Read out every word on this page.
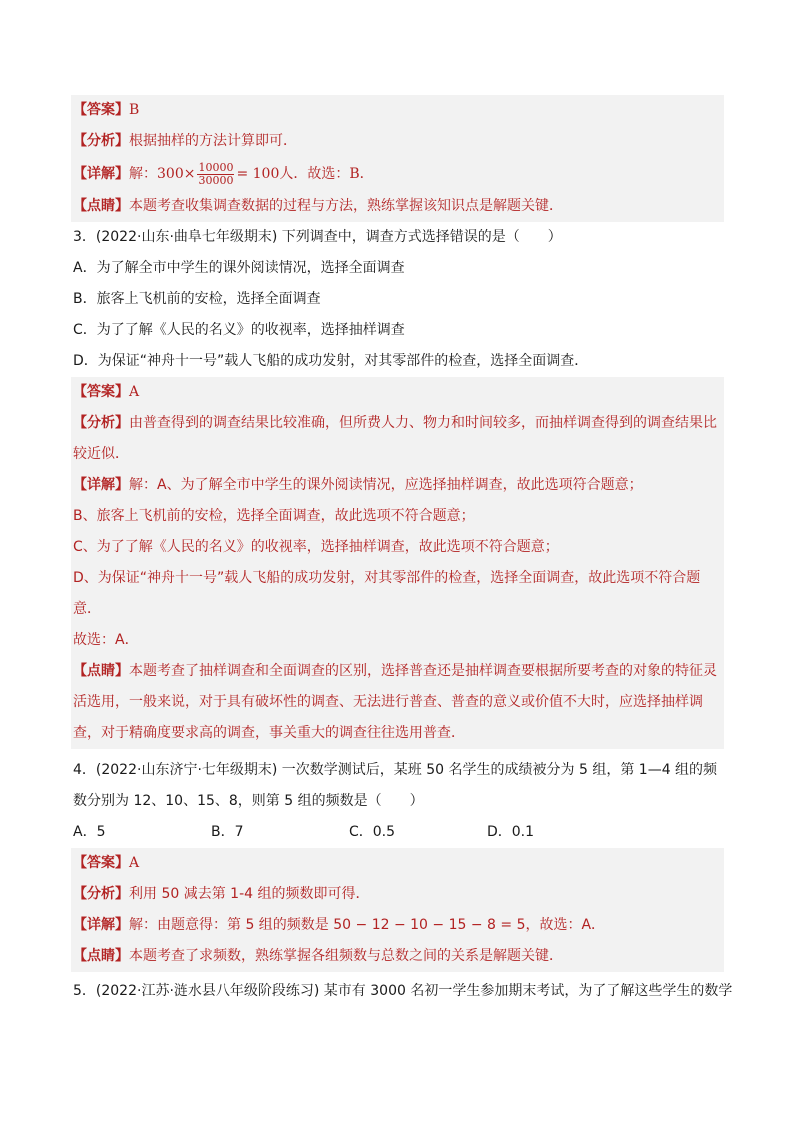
【答案】B
【分析】根据抽样的方法计算即可．
【详解】解：$300\times \frac{10000}{30000} = 100$人．故选：B．
【点睛】本题考查收集调查数据的过程与方法，熟练掌握该知识点是解题关键．
3．(2022·山东·曲阜七年级期末) 下列调查中，调查方式选择错误的是（　　）
A．为了解全市中学生的课外阅读情况，选择全面调查
B．旅客上飞机前的安检，选择全面调查
C．为了了解《人民的名义》的收视率，选择抽样调查
D．为保证“神舟十一号”载人飞船的成功发射，对其零部件的检查，选择全面调查．
【答案】A
【分析】由普查得到的调查结果比较准确，但所费人力、物力和时间较多，而抽样调查得到的调查结果比较近似．
【详解】解：A、为了解全市中学生的课外阅读情况，应选择抽样调查，故此选项符合题意；
B、旅客上飞机前的安检，选择全面调查，故此选项不符合题意；
C、为了了解《人民的名义》的收视率，选择抽样调查，故此选项不符合题意；
D、为保证“神舟十一号”载人飞船的成功发射，对其零部件的检查，选择全面调查，故此选项不符合题意．
故选：A．
【点睛】本题考查了抽样调查和全面调查的区别，选择普查还是抽样调查要根据所要考查的对象的特征灵活选用，一般来说，对于具有破坏性的调查、无法进行普查、普查的意义或价值不大时，应选择抽样调查，对于精确度要求高的调查，事关重大的调查往往选用普查．
4．(2022·山东济宁·七年级期末) 一次数学测试后，某班 50 名学生的成绩被分为 5 组，第 1—4 组的频数分别为 12、10、15、8，则第 5 组的频数是（　　）
A．5	B．7	C．0.5	D．0.1
【答案】A
【分析】利用 50 减去第 1-4 组的频数即可得．
【详解】解：由题意得：第 5 组的频数是 50 − 12 − 10 − 15 − 8 = 5，故选：A．
【点睛】本题考查了求频数，熟练掌握各组频数与总数之间的关系是解题关键．
5．(2022·江苏·涟水县八年级阶段练习) 某市有 3000 名初一学生参加期末考试，为了了解这些学生的数学
